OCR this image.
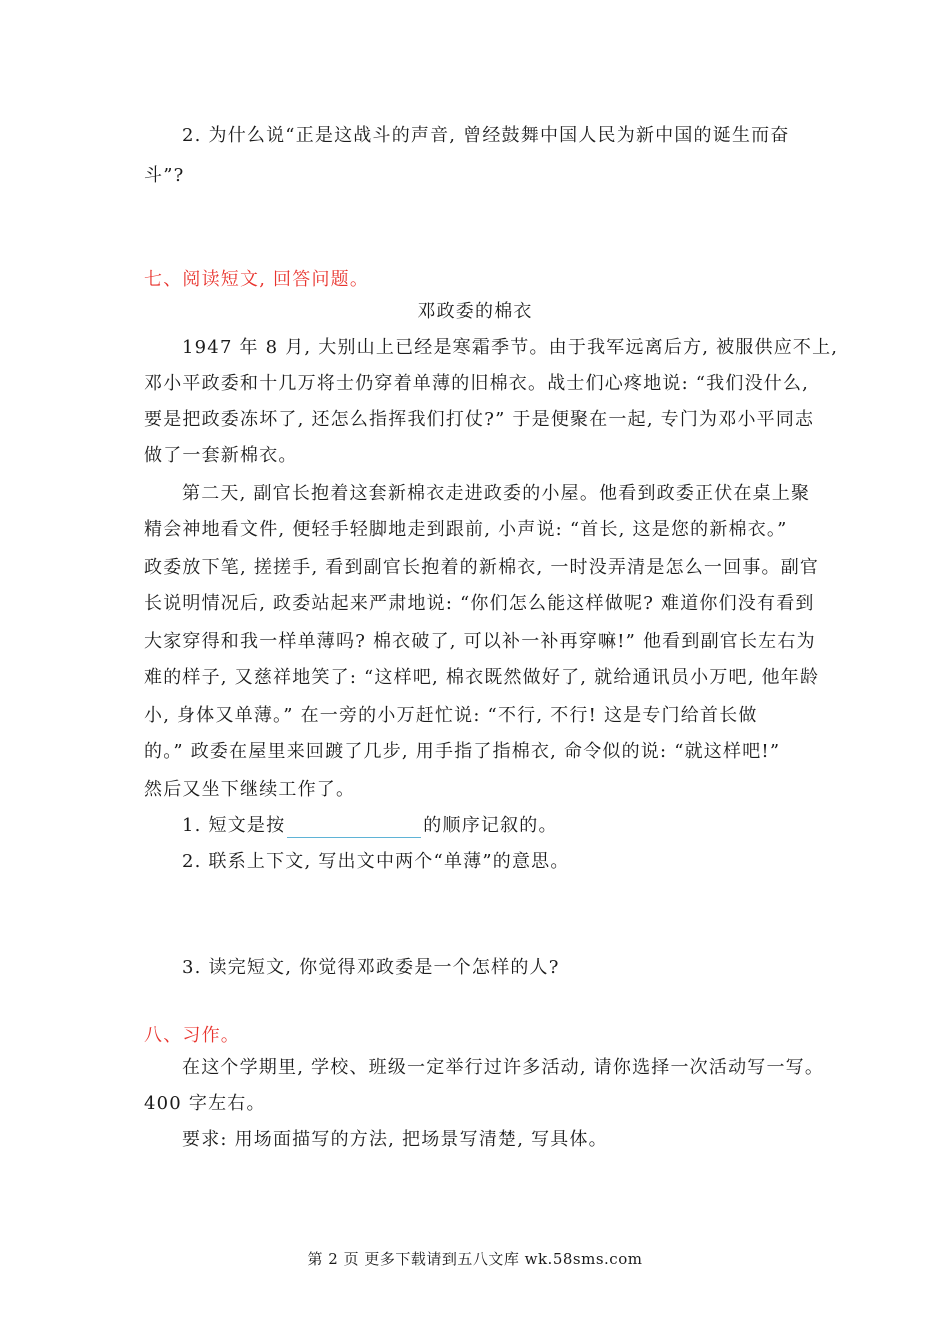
2. 为什么说“正是这战斗的声音, 曾经鼓舞中国人民为新中国的诞生而奋
斗”?
七、阅读短文, 回答问题。
邓政委的棉衣
1947 年 8 月, 大别山上已经是寒霜季节。由于我军远离后方, 被服供应不上,
邓小平政委和十几万将士仍穿着单薄的旧棉衣。战士们心疼地说: “我们没什么,
要是把政委冻坏了, 还怎么指挥我们打仗?” 于是便聚在一起, 专门为邓小平同志
做了一套新棉衣。
第二天, 副官长抱着这套新棉衣走进政委的小屋。他看到政委正伏在桌上聚
精会神地看文件, 便轻手轻脚地走到跟前, 小声说: “首长, 这是您的新棉衣。”
政委放下笔, 搓搓手, 看到副官长抱着的新棉衣, 一时没弄清是怎么一回事。副官
长说明情况后, 政委站起来严肃地说: “你们怎么能这样做呢? 难道你们没有看到
大家穿得和我一样单薄吗? 棉衣破了, 可以补一补再穿嘛!” 他看到副官长左右为
难的样子, 又慈祥地笑了: “这样吧, 棉衣既然做好了, 就给通讯员小万吧, 他年龄
小, 身体又单薄。” 在一旁的小万赶忙说: “不行, 不行! 这是专门给首长做
的。” 政委在屋里来回踱了几步, 用手指了指棉衣, 命令似的说: “就这样吧!”
然后又坐下继续工作了。
1. 短文是按	的顺序记叙的。
2. 联系上下文, 写出文中两个“单薄”的意思。
3. 读完短文, 你觉得邓政委是一个怎样的人?
八、习作。
在这个学期里, 学校、班级一定举行过许多活动, 请你选择一次活动写一写。
400 字左右。
要求: 用场面描写的方法, 把场景写清楚, 写具体。
第 2 页 更多下载请到五八文库 wk.58sms.com
